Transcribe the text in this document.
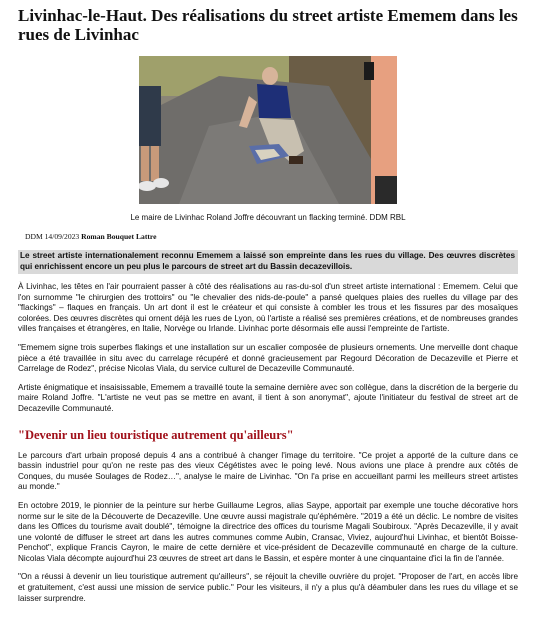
Livinhac-le-Haut. Des réalisations du street artiste Ememem dans les rues de Livinhac

Le maire de Livinhac Roland Joffre découvrant un flacking terminé. DDM RBL

DDM 14/09/2023 Roman Bouquet Lattre

Le street artiste internationalement reconnu Ememem a laissé son empreinte dans les rues du village. Des œuvres discrètes qui enrichissent encore un peu plus le parcours de street art du Bassin decazevillois.

À Livinhac, les têtes en l'air pourraient passer à côté des réalisations au ras-du-sol d'un street artiste international : Ememem. Celui que l'on surnomme "le chirurgien des trottoirs" ou "le chevalier des nids-de-poule" a pansé quelques plaies des ruelles du village par des "flackings" – flaques en français. Un art dont il est le créateur et qui consiste à combler les trous et les fissures par des mosaïques colorées. Des œuvres discrètes qui ornent déjà les rues de Lyon, où l'artiste a réalisé ses premières créations, et de nombreuses grandes villes françaises et étrangères, en Italie, Norvège ou Irlande. Livinhac porte désormais elle aussi l'empreinte de l'artiste.

"Ememem signe trois superbes flakings et une installation sur un escalier composée de plusieurs ornements. Une merveille dont chaque pièce a été travaillée in situ avec du carrelage récupéré et donné gracieusement par Regourd Décoration de Decazeville et Pierre et Carrelage de Rodez", précise Nicolas Viala, du service culturel de Decazeville Communauté.

Artiste énigmatique et insaisissable, Ememem a travaillé toute la semaine dernière avec son collègue, dans la discrétion de la bergerie du maire Roland Joffre. "L'artiste ne veut pas se mettre en avant, il tient à son anonymat", ajoute l'initiateur du festival de street art de Decazeville Communauté.

"Devenir un lieu touristique autrement qu'ailleurs"

Le parcours d'art urbain proposé depuis 4 ans a contribué à changer l'image du territoire. "Ce projet a apporté de la culture dans ce bassin industriel pour qu'on ne reste pas des vieux Cégétistes avec le poing levé. Nous avions une place à prendre aux côtés de Conques, du musée Soulages de Rodez…", analyse le maire de Livinhac. "On l'a prise en accueillant parmi les meilleurs street artistes au monde."

En octobre 2019, le pionnier de la peinture sur herbe Guillaume Legros, alias Saype, apportait par exemple une touche décorative hors norme sur le site de la Découverte de Decazeville. Une œuvre aussi magistrale qu'éphémère. "2019 a été un déclic. Le nombre de visites dans les Offices du tourisme avait doublé", témoigne la directrice des offices du tourisme Magali Soubiroux. "Après Decazeville, il y avait une volonté de diffuser le street art dans les autres communes comme Aubin, Cransac, Viviez, aujourd'hui Livinhac, et bientôt Boisse-Penchot", explique Francis Cayron, le maire de cette dernière et vice-président de Decazeville communauté en charge de la culture. Nicolas Viala décompte aujourd'hui 23 œuvres de street art dans le Bassin, et espère monter à une cinquantaine d'ici la fin de l'année.

"On a réussi à devenir un lieu touristique autrement qu'ailleurs", se réjouit la cheville ouvrière du projet. "Proposer de l'art, en accès libre et gratuitement, c'est aussi une mission de service public." Pour les visiteurs, il n'y a plus qu'à déambuler dans les rues du village et se laisser surprendre.
